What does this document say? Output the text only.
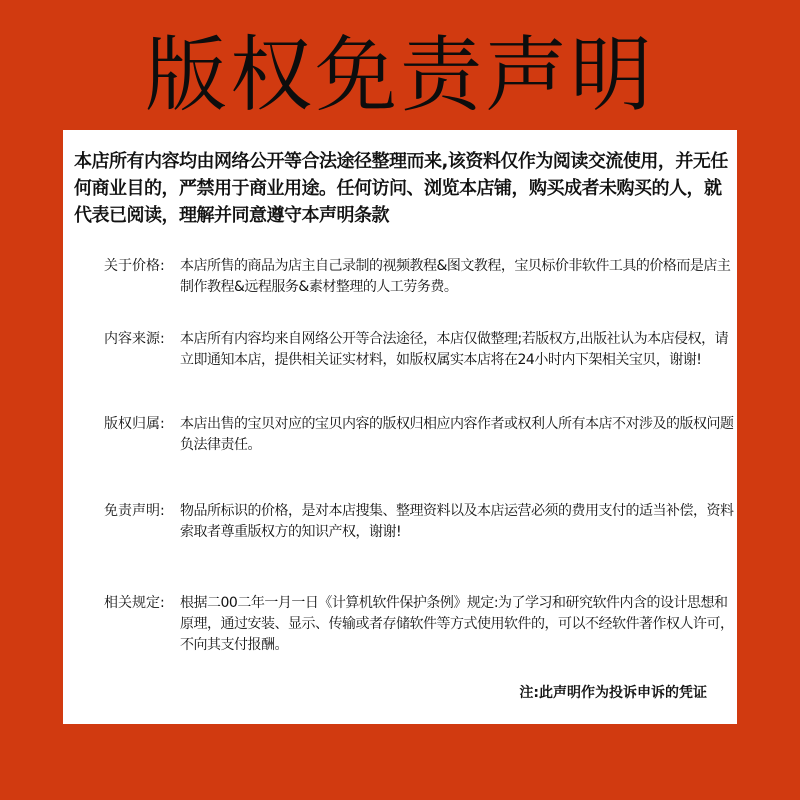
版权免责声明
本店所有内容均由网络公开等合法途径整理而来,该资料仅作为阅读交流使用，并无任何商业目的，严禁用于商业用途。任何访问、浏览本店铺，购买成者未购买的人，就代表已阅读，理解并同意遵守本声明条款
关于价格:	本店所售的商品为店主自己录制的视频教程&图文教程，宝贝标价非软件工具的价格而是店主制作教程&远程服务&素材整理的人工劳务费。
内容来源:	本店所有内容均来自网络公开等合法途径，本店仅做整理;若版权方,出版社认为本店侵权，请立即通知本店，提供相关证实材料，如版权属实本店将在24小时内下架相关宝贝，谢谢!
版权归属:	本店出售的宝贝对应的宝贝内容的版权归相应内容作者或权利人所有本店不对涉及的版权问题负法律责任。
免责声明:	物品所标识的价格，是对本店搜集、整理资料以及本店运营必须的费用支付的适当补偿，资料索取者尊重版权方的知识产权，谢谢!
相关规定:	根据二00二年一月一日《计算机软件保护条例》规定:为了学习和研究软件内含的设计思想和原理，通过安装、显示、传输或者存储软件等方式使用软件的，可以不经软件著作权人许可，不向其支付报酬。
注:此声明作为投诉申诉的凭证
